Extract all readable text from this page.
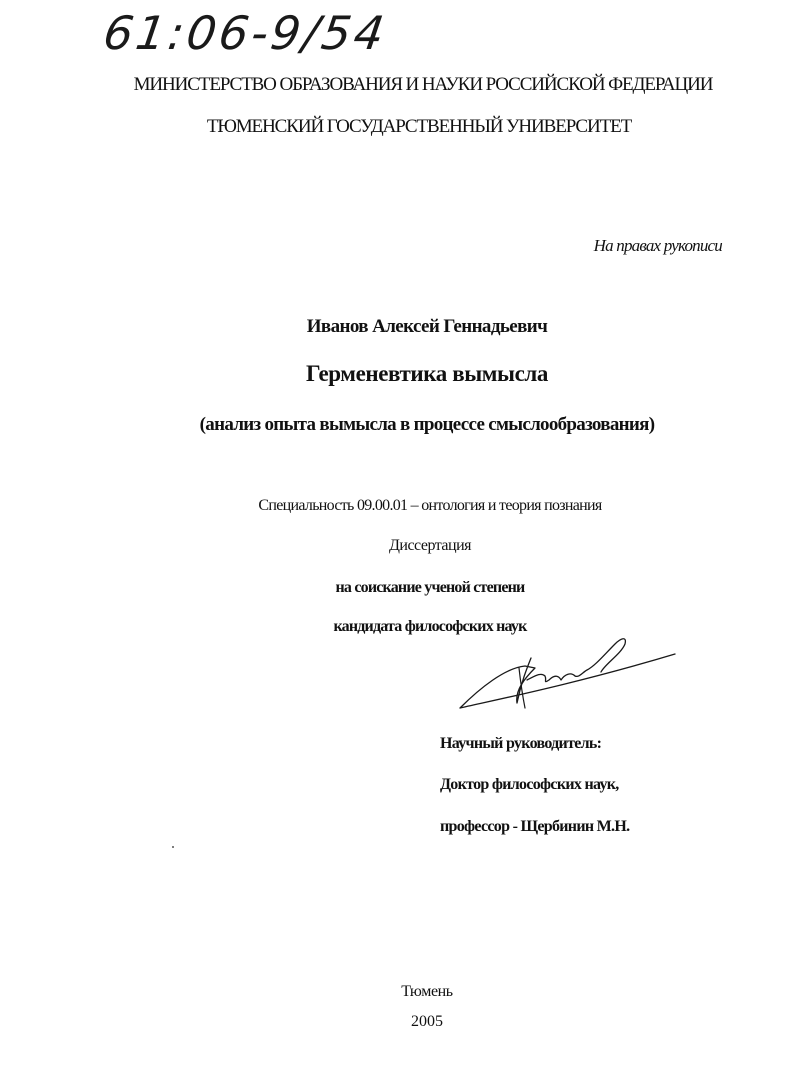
61:06-9/54
МИНИСТЕРСТВО ОБРАЗОВАНИЯ И НАУКИ РОССИЙСКОЙ ФЕДЕРАЦИИ
ТЮМЕНСКИЙ ГОСУДАРСТВЕННЫЙ УНИВЕРСИТЕТ
На правах рукописи
Иванов Алексей Геннадьевич
Герменевтика вымысла
(анализ опыта вымысла в процессе смыслообразования)
Специальность 09.00.01 – онтология и теория познания
Диссертация
на соискание ученой степени
кандидата философских наук
Научный руководитель:
Доктор философских наук,
профессор - Щербинин М.Н.
Тюмень
2005
